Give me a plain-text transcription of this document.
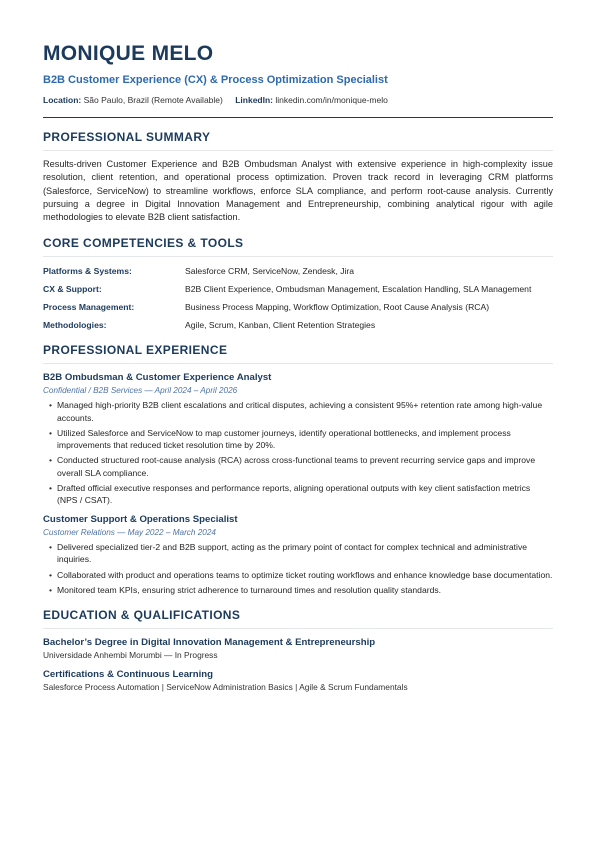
MONIQUE MELO
B2B Customer Experience (CX) & Process Optimization Specialist
Location: São Paulo, Brazil (Remote Available) LinkedIn: linkedin.com/in/monique-melo
PROFESSIONAL SUMMARY
Results-driven Customer Experience and B2B Ombudsman Analyst with extensive experience in high-complexity issue resolution, client retention, and operational process optimization. Proven track record in leveraging CRM platforms (Salesforce, ServiceNow) to streamline workflows, enforce SLA compliance, and perform root-cause analysis. Currently pursuing a degree in Digital Innovation Management and Entrepreneurship, combining analytical rigour with agile methodologies to elevate B2B client satisfaction.
CORE COMPETENCIES & TOOLS
Platforms & Systems:	Salesforce CRM, ServiceNow, Zendesk, Jira
CX & Support:	B2B Client Experience, Ombudsman Management, Escalation Handling, SLA Management
Process Management:	Business Process Mapping, Workflow Optimization, Root Cause Analysis (RCA)
Methodologies:	Agile, Scrum, Kanban, Client Retention Strategies
PROFESSIONAL EXPERIENCE
B2B Ombudsman & Customer Experience Analyst
Confidential / B2B Services — April 2024 – April 2026
• Managed high-priority B2B client escalations and critical disputes, achieving a consistent 95%+ retention rate among high-value accounts.
• Utilized Salesforce and ServiceNow to map customer journeys, identify operational bottlenecks, and implement process improvements that reduced ticket resolution time by 20%.
• Conducted structured root-cause analysis (RCA) across cross-functional teams to prevent recurring service gaps and improve overall SLA compliance.
• Drafted official executive responses and performance reports, aligning operational outputs with key client satisfaction metrics (NPS / CSAT).
Customer Support & Operations Specialist
Customer Relations — May 2022 – March 2024
• Delivered specialized tier-2 and B2B support, acting as the primary point of contact for complex technical and administrative inquiries.
• Collaborated with product and operations teams to optimize ticket routing workflows and enhance knowledge base documentation.
• Monitored team KPIs, ensuring strict adherence to turnaround times and resolution quality standards.
EDUCATION & QUALIFICATIONS
Bachelor’s Degree in Digital Innovation Management & Entrepreneurship
Universidade Anhembi Morumbi — In Progress
Certifications & Continuous Learning
Salesforce Process Automation | ServiceNow Administration Basics | Agile & Scrum Fundamentals
